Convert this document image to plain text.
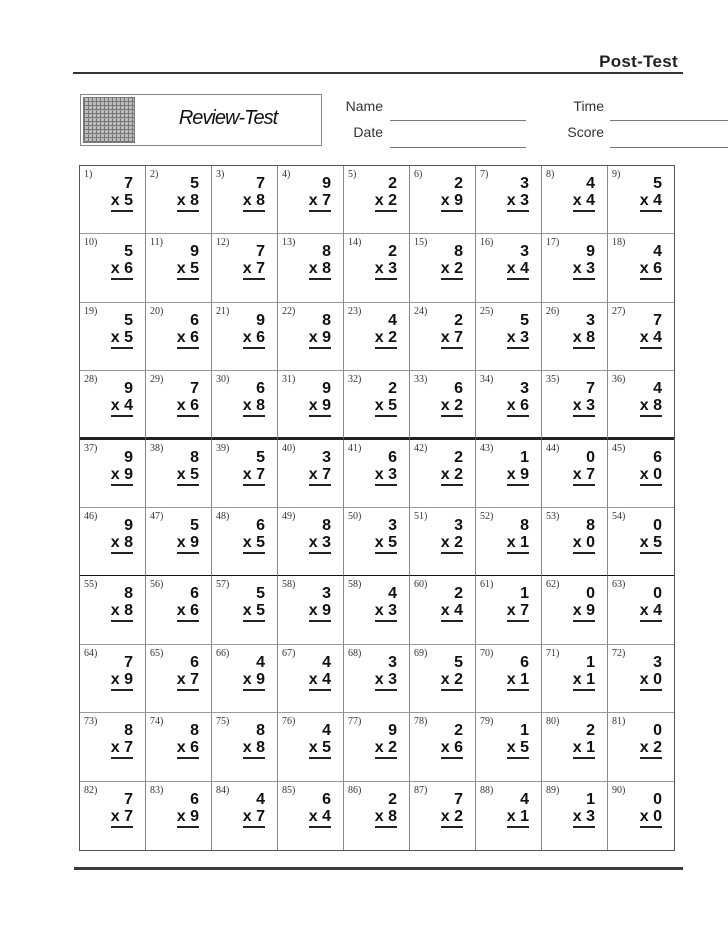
Post-Test
Review-Test
Name
Date
Time
Score
1)
7
x 5
2)
5
x 8
3)
7
x 8
4)
9
x 7
5)
2
x 2
6)
2
x 9
7)
3
x 3
8)
4
x 4
9)
5
x 4
10)
5
x 6
11)
9
x 5
12)
7
x 7
13)
8
x 8
14)
2
x 3
15)
8
x 2
16)
3
x 4
17)
9
x 3
18)
4
x 6
19)
5
x 5
20)
6
x 6
21)
9
x 6
22)
8
x 9
23)
4
x 2
24)
2
x 7
25)
5
x 3
26)
3
x 8
27)
7
x 4
28)
9
x 4
29)
7
x 6
30)
6
x 8
31)
9
x 9
32)
2
x 5
33)
6
x 2
34)
3
x 6
35)
7
x 3
36)
4
x 8
37)
9
x 9
38)
8
x 5
39)
5
x 7
40)
3
x 7
41)
6
x 3
42)
2
x 2
43)
1
x 9
44)
0
x 7
45)
6
x 0
46)
9
x 8
47)
5
x 9
48)
6
x 5
49)
8
x 3
50)
3
x 5
51)
3
x 2
52)
8
x 1
53)
8
x 0
54)
0
x 5
55)
8
x 8
56)
6
x 6
57)
5
x 5
58)
3
x 9
58)
4
x 3
60)
2
x 4
61)
1
x 7
62)
0
x 9
63)
0
x 4
64)
7
x 9
65)
6
x 7
66)
4
x 9
67)
4
x 4
68)
3
x 3
69)
5
x 2
70)
6
x 1
71)
1
x 1
72)
3
x 0
73)
8
x 7
74)
8
x 6
75)
8
x 8
76)
4
x 5
77)
9
x 2
78)
2
x 6
79)
1
x 5
80)
2
x 1
81)
0
x 2
82)
7
x 7
83)
6
x 9
84)
4
x 7
85)
6
x 4
86)
2
x 8
87)
7
x 2
88)
4
x 1
89)
1
x 3
90)
0
x 0
